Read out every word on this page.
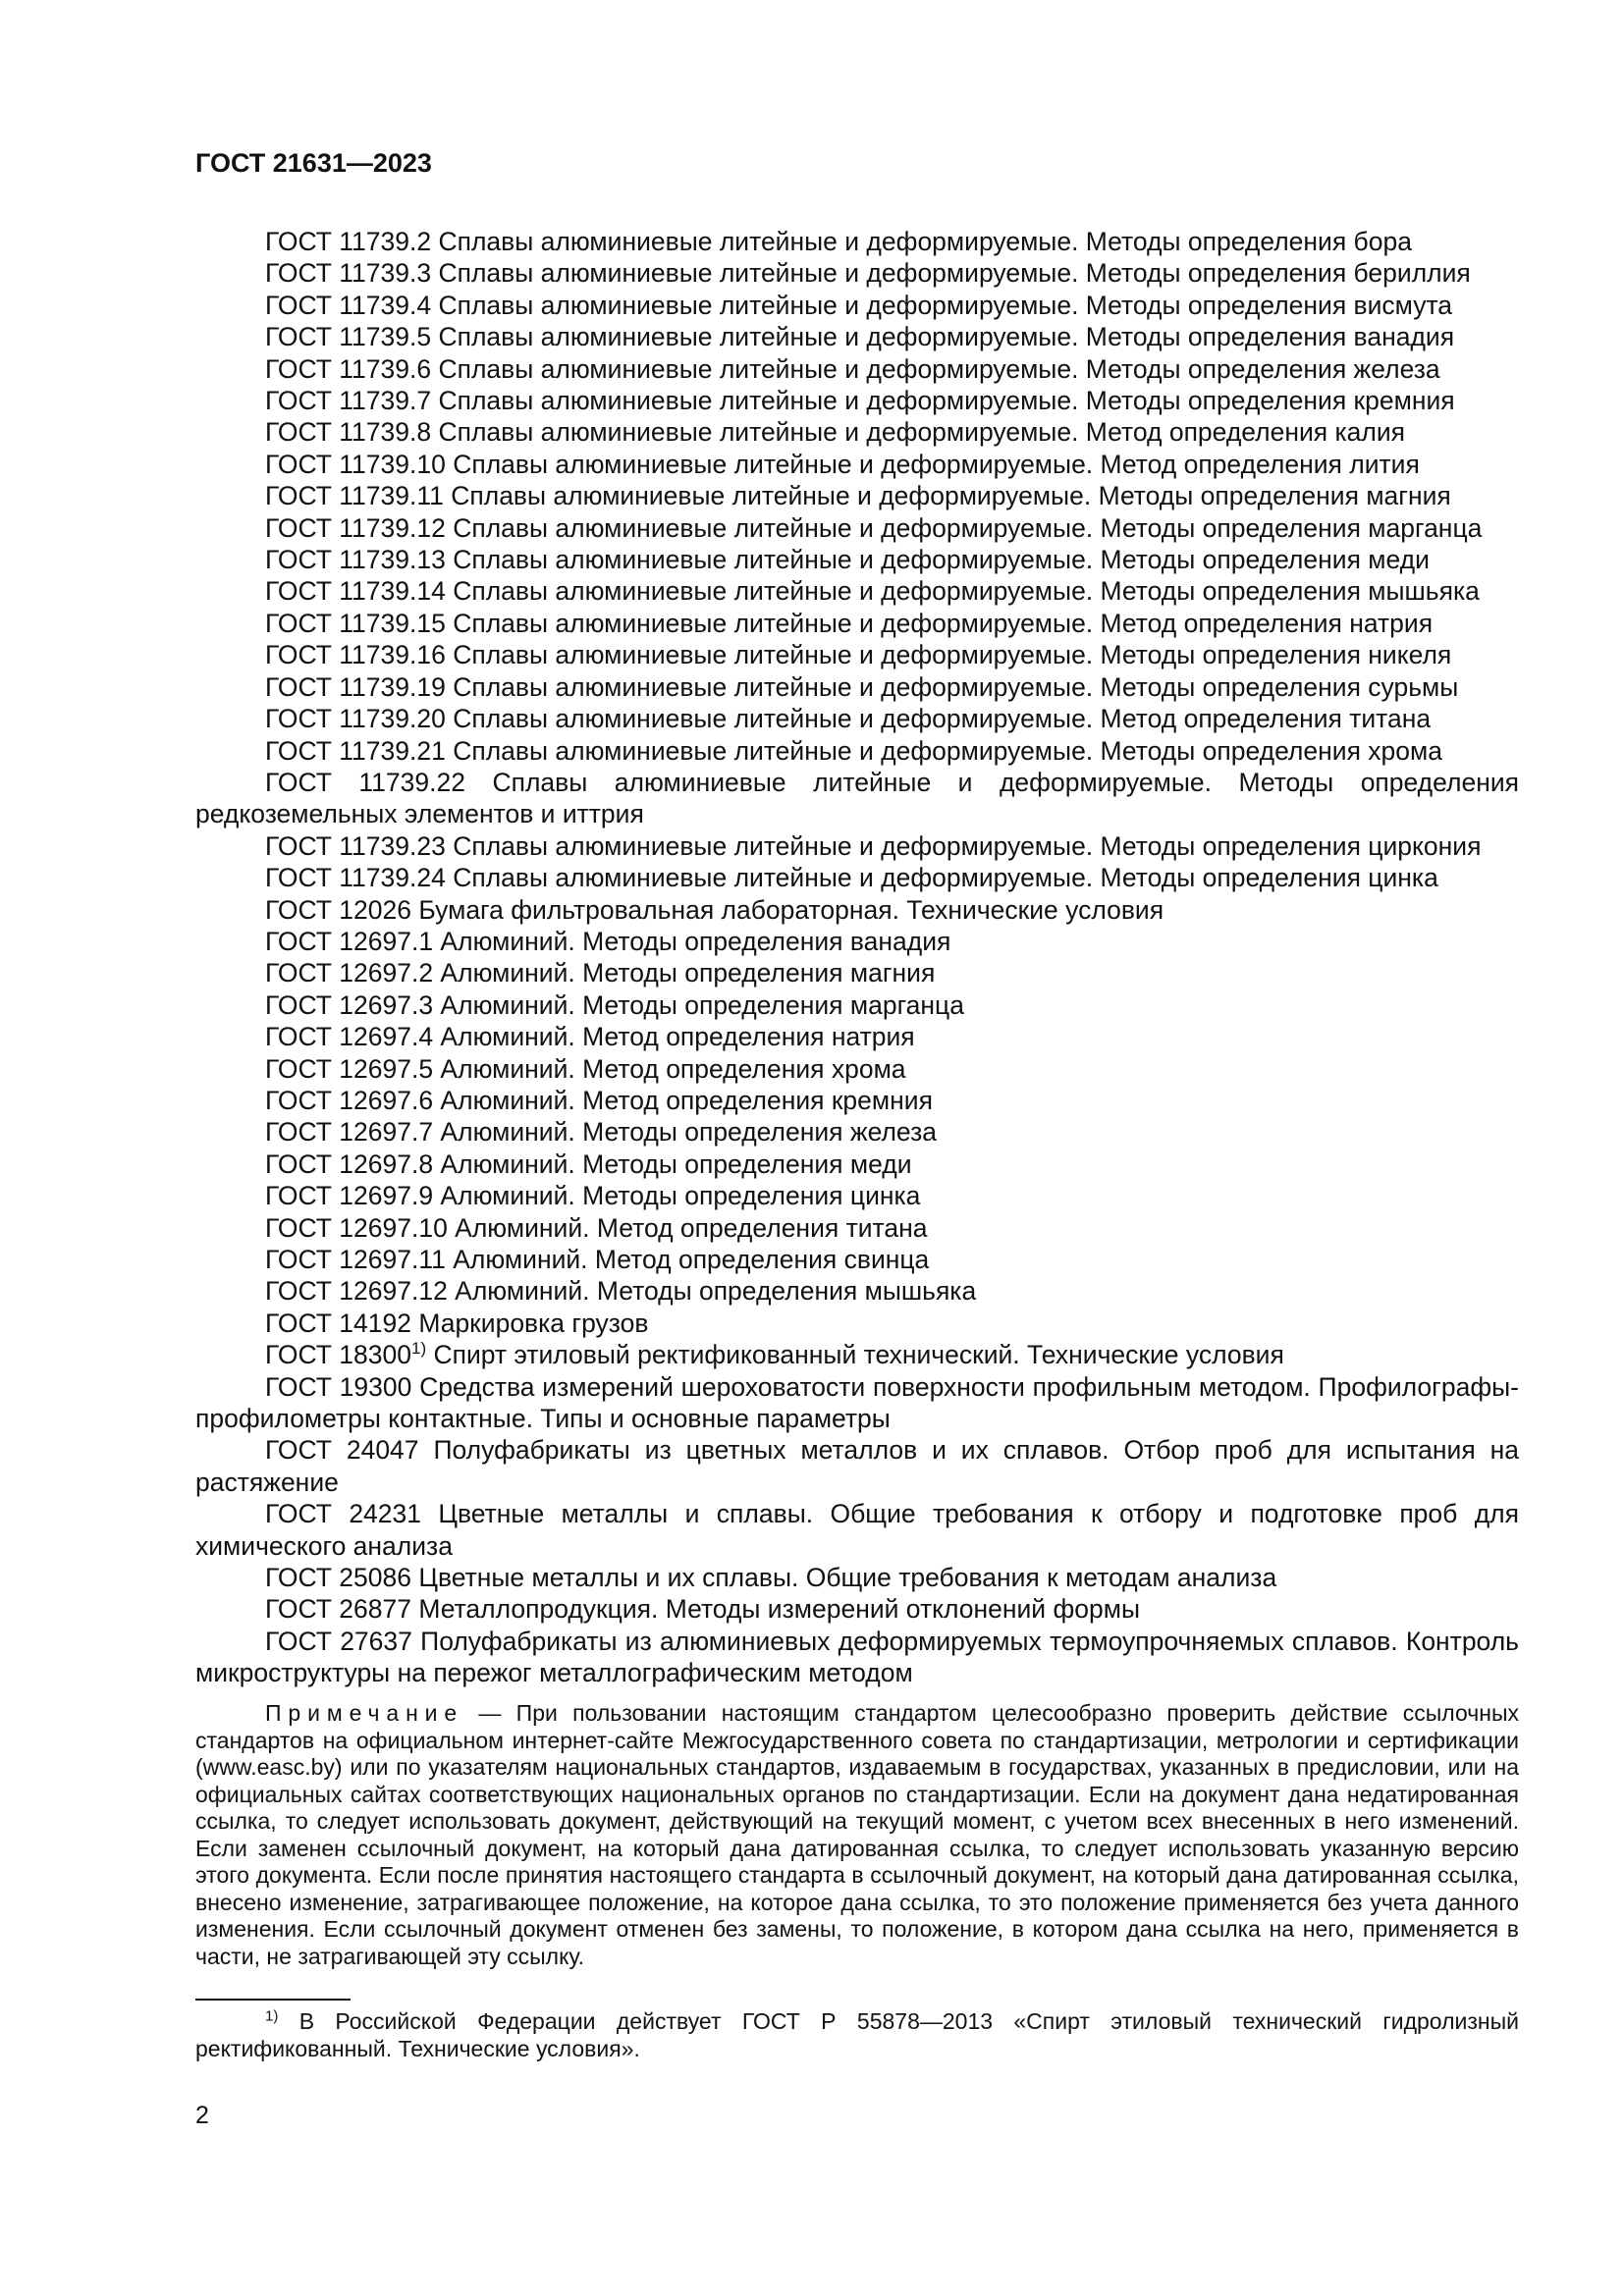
ГОСТ 21631—2023

ГОСТ 11739.2 Сплавы алюминиевые литейные и деформируемые. Методы определения бора

ГОСТ 11739.3 Сплавы алюминиевые литейные и деформируемые. Методы определения бериллия

ГОСТ 11739.4 Сплавы алюминиевые литейные и деформируемые. Методы определения висмута

ГОСТ 11739.5 Сплавы алюминиевые литейные и деформируемые. Методы определения ванадия

ГОСТ 11739.6 Сплавы алюминиевые литейные и деформируемые. Методы определения железа

ГОСТ 11739.7 Сплавы алюминиевые литейные и деформируемые. Методы определения кремния

ГОСТ 11739.8 Сплавы алюминиевые литейные и деформируемые. Метод определения калия

ГОСТ 11739.10 Сплавы алюминиевые литейные и деформируемые. Метод определения лития

ГОСТ 11739.11 Сплавы алюминиевые литейные и деформируемые. Методы определения магния

ГОСТ 11739.12 Сплавы алюминиевые литейные и деформируемые. Методы определения марганца

ГОСТ 11739.13 Сплавы алюминиевые литейные и деформируемые. Методы определения меди

ГОСТ 11739.14 Сплавы алюминиевые литейные и деформируемые. Методы определения мышьяка

ГОСТ 11739.15 Сплавы алюминиевые литейные и деформируемые. Метод определения натрия

ГОСТ 11739.16 Сплавы алюминиевые литейные и деформируемые. Методы определения никеля

ГОСТ 11739.19 Сплавы алюминиевые литейные и деформируемые. Методы определения сурьмы

ГОСТ 11739.20 Сплавы алюминиевые литейные и деформируемые. Метод определения титана

ГОСТ 11739.21 Сплавы алюминиевые литейные и деформируемые. Методы определения хрома

ГОСТ 11739.22 Сплавы алюминиевые литейные и деформируемые. Методы определения редкоземельных элементов и иттрия

ГОСТ 11739.23 Сплавы алюминиевые литейные и деформируемые. Методы определения циркония

ГОСТ 11739.24 Сплавы алюминиевые литейные и деформируемые. Методы определения цинка

ГОСТ 12026 Бумага фильтровальная лабораторная. Технические условия

ГОСТ 12697.1 Алюминий. Методы определения ванадия

ГОСТ 12697.2 Алюминий. Методы определения магния

ГОСТ 12697.3 Алюминий. Методы определения марганца

ГОСТ 12697.4 Алюминий. Метод определения натрия

ГОСТ 12697.5 Алюминий. Метод определения хрома

ГОСТ 12697.6 Алюминий. Метод определения кремния

ГОСТ 12697.7 Алюминий. Методы определения железа

ГОСТ 12697.8 Алюминий. Методы определения меди

ГОСТ 12697.9 Алюминий. Методы определения цинка

ГОСТ 12697.10 Алюминий. Метод определения титана

ГОСТ 12697.11 Алюминий. Метод определения свинца

ГОСТ 12697.12 Алюминий. Методы определения мышьяка

ГОСТ 14192 Маркировка грузов

ГОСТ 18300$^{1)}$ Спирт этиловый ректификованный технический. Технические условия

ГОСТ 19300 Средства измерений шероховатости поверхности профильным методом. Профилографы-профилометры контактные. Типы и основные параметры

ГОСТ 24047 Полуфабрикаты из цветных металлов и их сплавов. Отбор проб для испытания на растяжение

ГОСТ 24231 Цветные металлы и сплавы. Общие требования к отбору и подготовке проб для химического анализа

ГОСТ 25086 Цветные металлы и их сплавы. Общие требования к методам анализа

ГОСТ 26877 Металлопродукция. Методы измерений отклонений формы

ГОСТ 27637 Полуфабрикаты из алюминиевых деформируемых термоупрочняемых сплавов. Контроль микроструктуры на пережог металлографическим методом

Примечание — При пользовании настоящим стандартом целесообразно проверить действие ссылочных стандартов на официальном интернет-сайте Межгосударственного совета по стандартизации, метрологии и сертификации (www.easc.by) или по указателям национальных стандартов, издаваемым в государствах, указанных в предисловии, или на официальных сайтах соответствующих национальных органов по стандартизации. Если на документ дана недатированная ссылка, то следует использовать документ, действующий на текущий момент, с учетом всех внесенных в него изменений. Если заменен ссылочный документ, на который дана датированная ссылка, то следует использовать указанную версию этого документа. Если после принятия настоящего стандарта в ссылочный документ, на который дана датированная ссылка, внесено изменение, затрагивающее положение, на которое дана ссылка, то это положение применяется без учета данного изменения. Если ссылочный документ отменен без замены, то положение, в котором дана ссылка на него, применяется в части, не затрагивающей эту ссылку.

$^{1)}$ В Российской Федерации действует ГОСТ Р 55878—2013 «Спирт этиловый технический гидролизный ректификованный. Технические условия».

2
